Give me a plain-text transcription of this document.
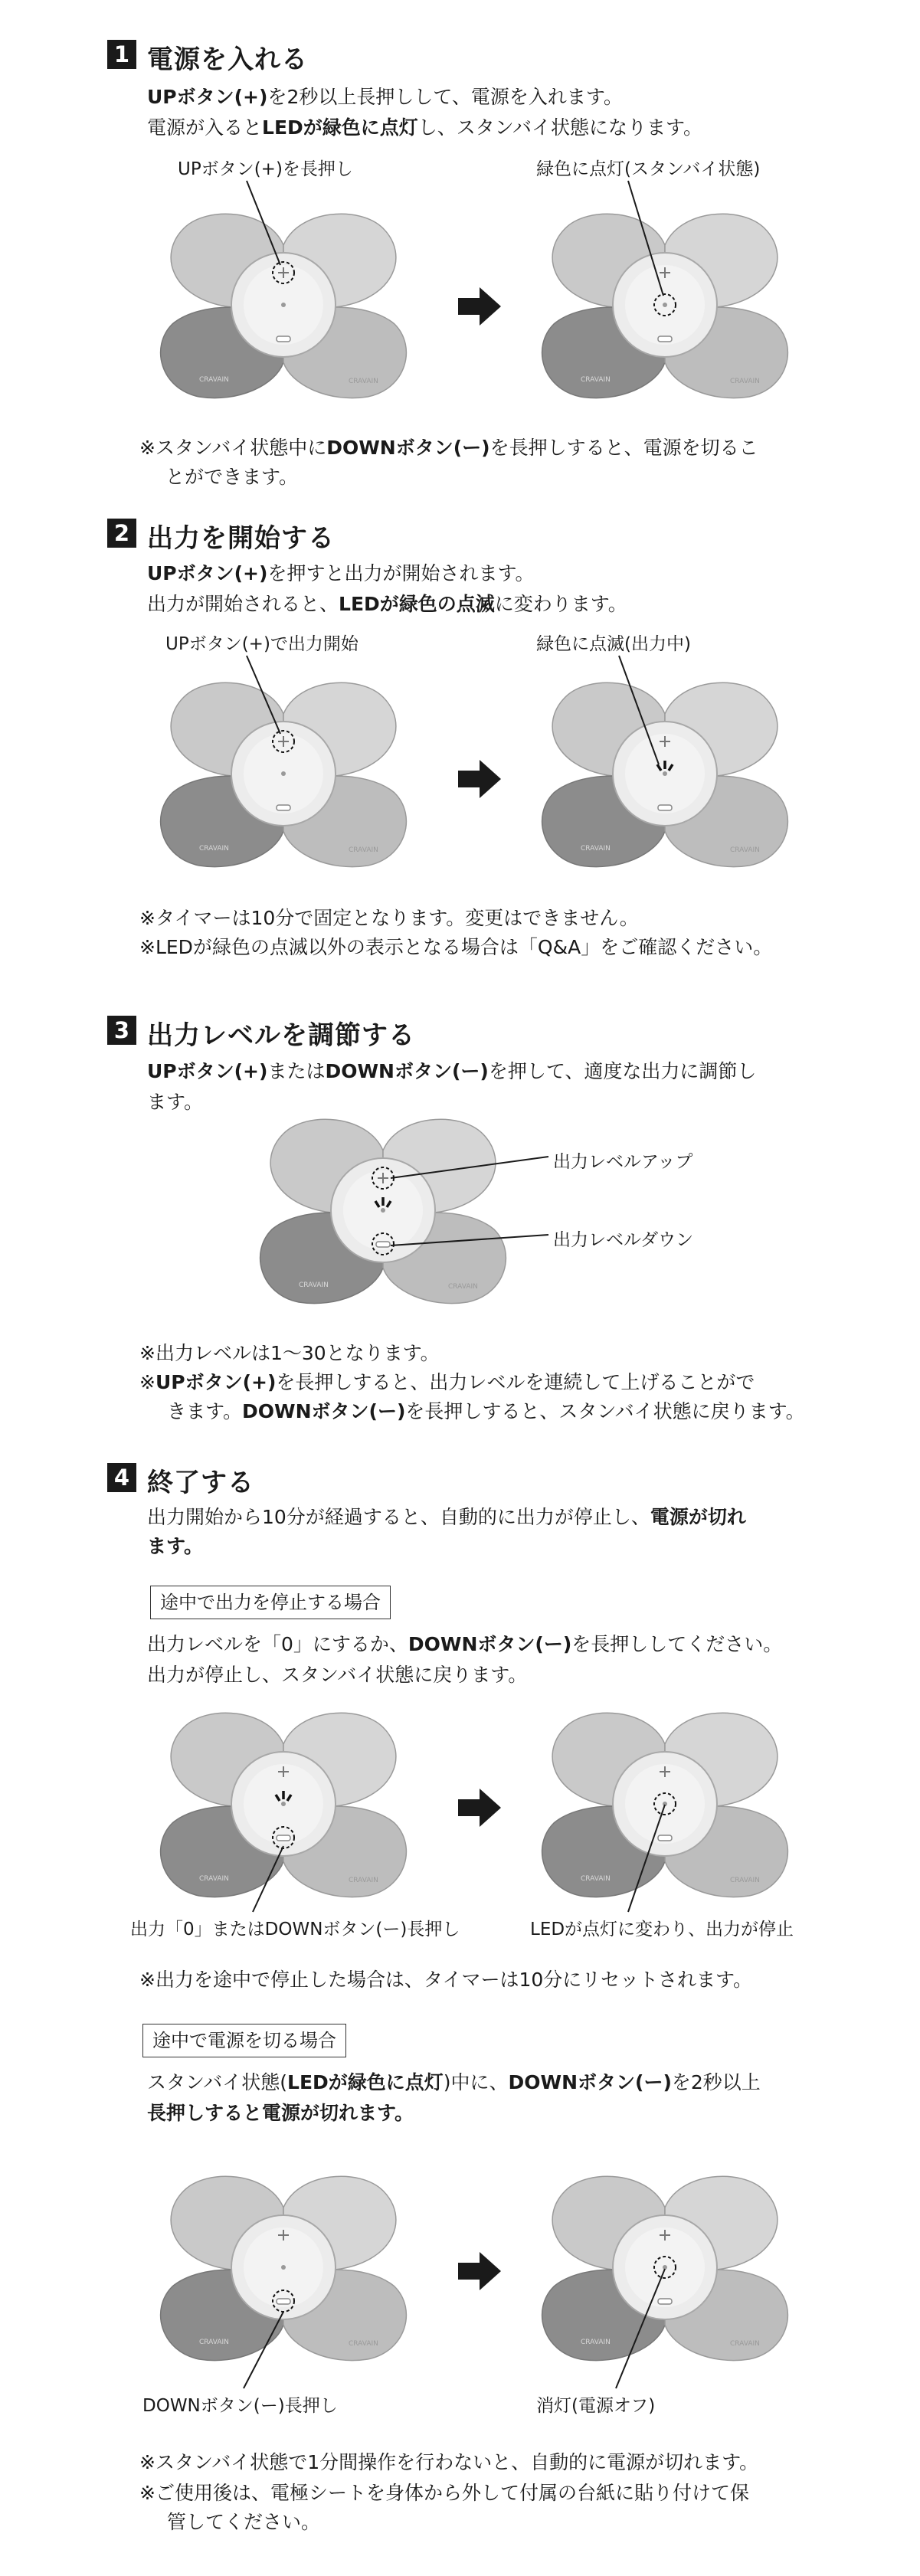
1 電源を入れる
UPボタン(+)を2秒以上長押しして、電源を入れます。
電源が入るとLEDが緑色に点灯し、スタンバイ状態になります。
UPボタン(+)を長押し	緑色に点灯(スタンバイ状態)
CRAVAIN	CRAVAIN	CRAVAIN	CRAVAIN
※スタンバイ状態中にDOWNボタン(ー)を長押しすると、電源を切るこ
とができます。
2 出力を開始する
UPボタン(+)を押すと出力が開始されます。
出力が開始されると、LEDが緑色の点滅に変わります。
UPボタン(+)で出力開始	緑色に点滅(出力中)
CRAVAIN	CRAVAIN	CRAVAIN	CRAVAIN
※タイマーは10分で固定となります。変更はできません。
※LEDが緑色の点滅以外の表示となる場合は「Q&A」をご確認ください。
3 出力レベルを調節する
UPボタン(+)またはDOWNボタン(ー)を押して、適度な出力に調節し
ます。
CRAVAIN	CRAVAIN
出力レベルアップ
出力レベルダウン
※出力レベルは1〜30となります。
※UPボタン(+)を長押しすると、出力レベルを連続して上げることがで
きます。DOWNボタン(ー)を長押しすると、スタンバイ状態に戻ります。
4 終了する
出力開始から10分が経過すると、自動的に出力が停止し、電源が切れ
ます。
途中で出力を停止する場合
出力レベルを「0」にするか、DOWNボタン(ー)を長押ししてください。
出力が停止し、スタンバイ状態に戻ります。
CRAVAIN	CRAVAIN	CRAVAIN	CRAVAIN
出力「0」またはDOWNボタン(ー)長押し	LEDが点灯に変わり、出力が停止
※出力を途中で停止した場合は、タイマーは10分にリセットされます。
途中で電源を切る場合
スタンバイ状態(LEDが緑色に点灯)中に、DOWNボタン(ー)を2秒以上
長押しすると電源が切れます。
CRAVAIN	CRAVAIN	CRAVAIN	CRAVAIN
DOWNボタン(ー)長押し	消灯(電源オフ)
※スタンバイ状態で1分間操作を行わないと、自動的に電源が切れます。
※ご使用後は、電極シートを身体から外して付属の台紙に貼り付けて保
管してください。
